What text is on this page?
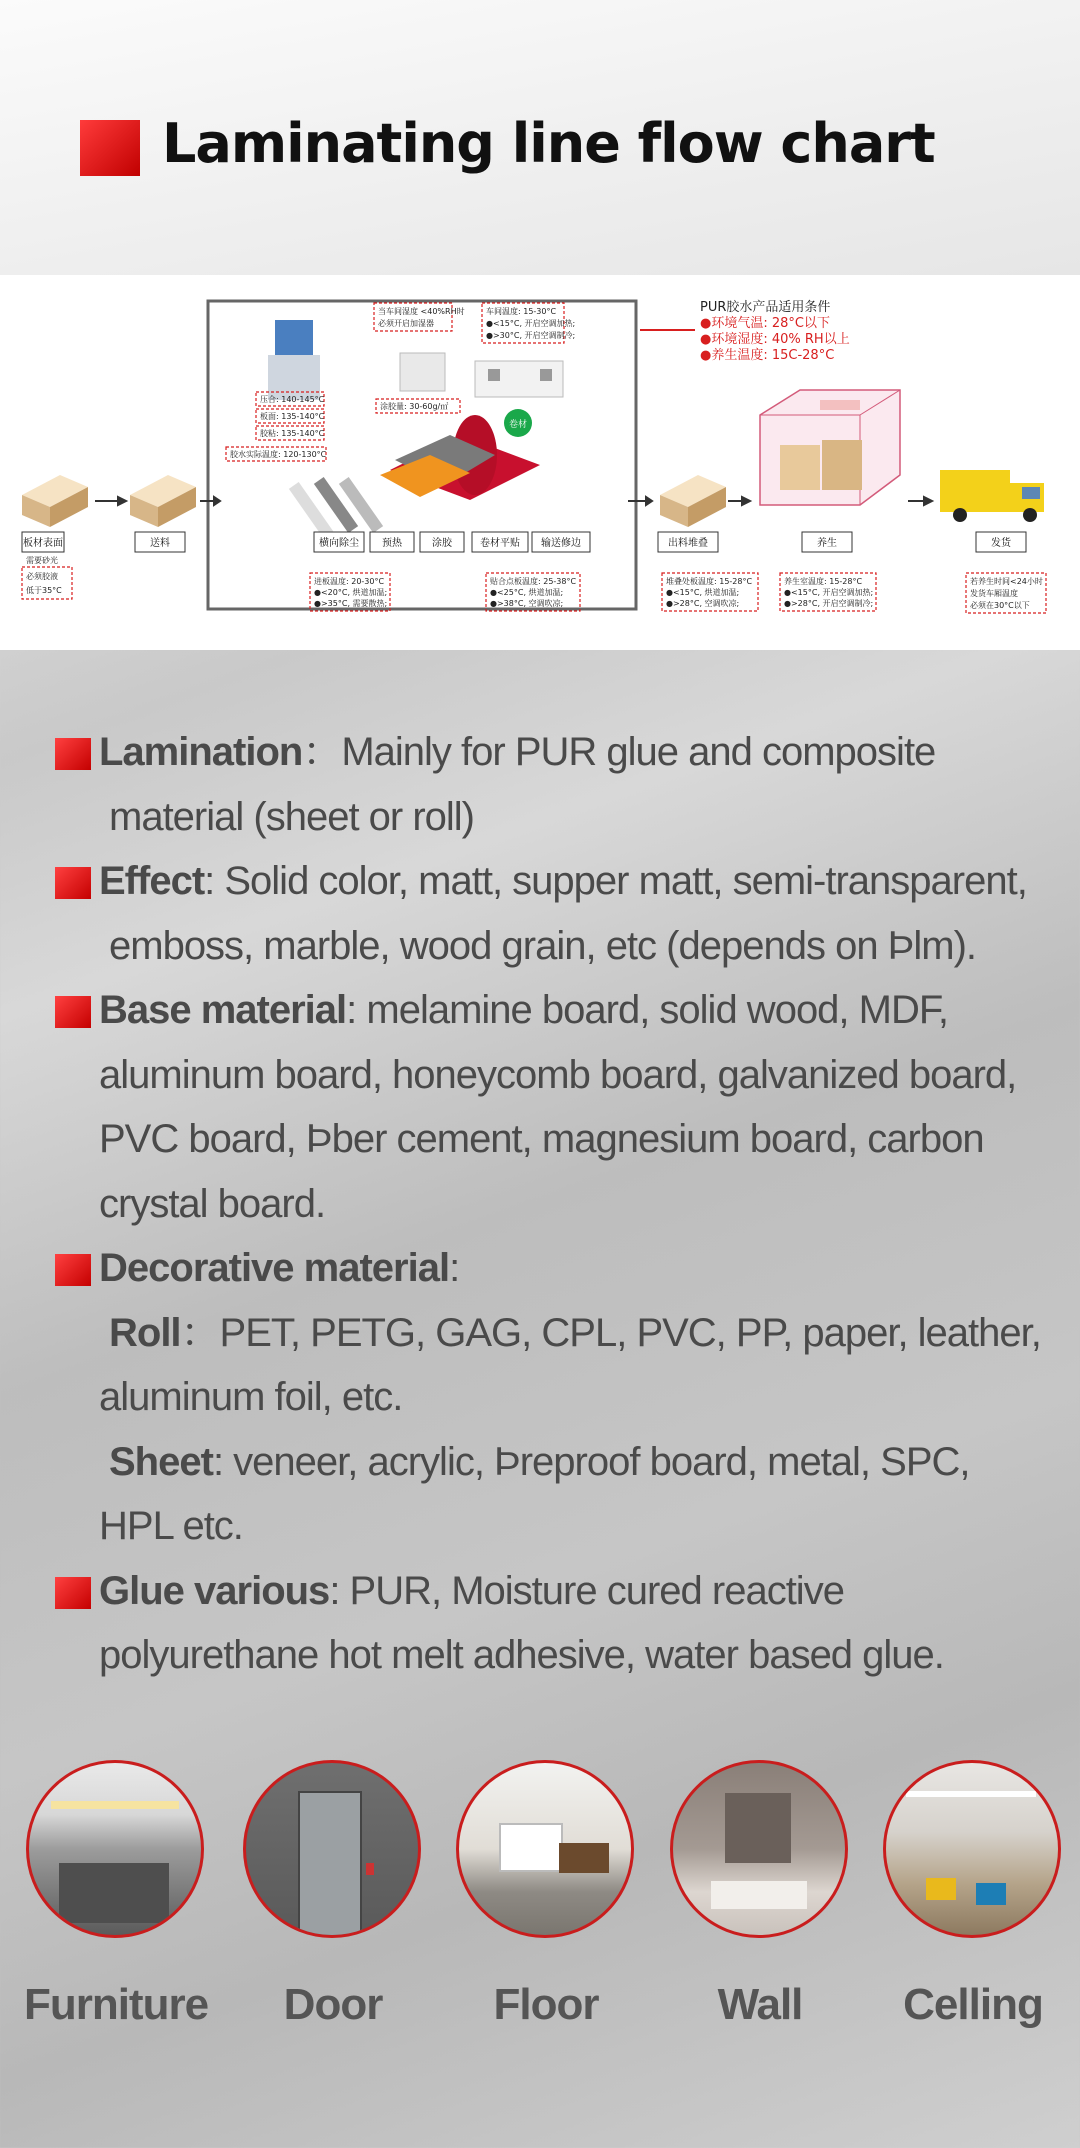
Laminating line flow chart
卷材
板材表面	送料	横向除尘 预热	涂胶	卷材平贴 输送修边	出料堆叠	养生	发货
必须胶液
低于35°C
压合: 140-145°C
板面: 135-140°C
胶粘: 135-140°C
胶水实际温度: 120-130°C
当车间湿度 <40%RH时
必须开启加湿器
涂胶量: 30-60g/㎡
车间温度: 15-30°C
●<15°C, 开启空调加热;
●>30°C, 开启空调制冷;
进板温度: 20-30°C
●<20°C, 烘道加温;
●>35°C, 需要散热;
贴合点板温度: 25-38°C
●<25°C, 烘道加温;
●>38°C, 空调吹凉;
堆叠处板温度: 15-28°C
●<15°C, 烘道加温;
●>28°C, 空调吹凉;
养生室温度: 15-28°C
●<15°C, 开启空调加热;
●>28°C, 开启空调制冷;
若养生时间<24小时
发货车厢温度
必须在30°C以下
需要砂光
PUR胶水产品适用条件
●环境气温: 28°C以下
●环境湿度: 40% RH以上
●养生温度: 15C-28°C
Lamination：Mainly for PUR glue and composite
material (sheet or roll)
Effect: Solid color, matt, supper matt, semi-transparent,
emboss, marble, wood grain, etc (depends on Þlm).
Base material: melamine board, solid wood, MDF,
aluminum board, honeycomb board, galvanized board,
PVC board, Þber cement, magnesium board, carbon
crystal board.
Decorative material:
Roll：PET, PETG, GAG, CPL, PVC, PP, paper, leather,
aluminum foil, etc.
Sheet: veneer, acrylic, Þreproof board, metal, SPC,
HPL etc.
Glue various: PUR, Moisture cured reactive
polyurethane hot melt adhesive, water based glue.
Furniture	Door	Floor	Wall	Celling
